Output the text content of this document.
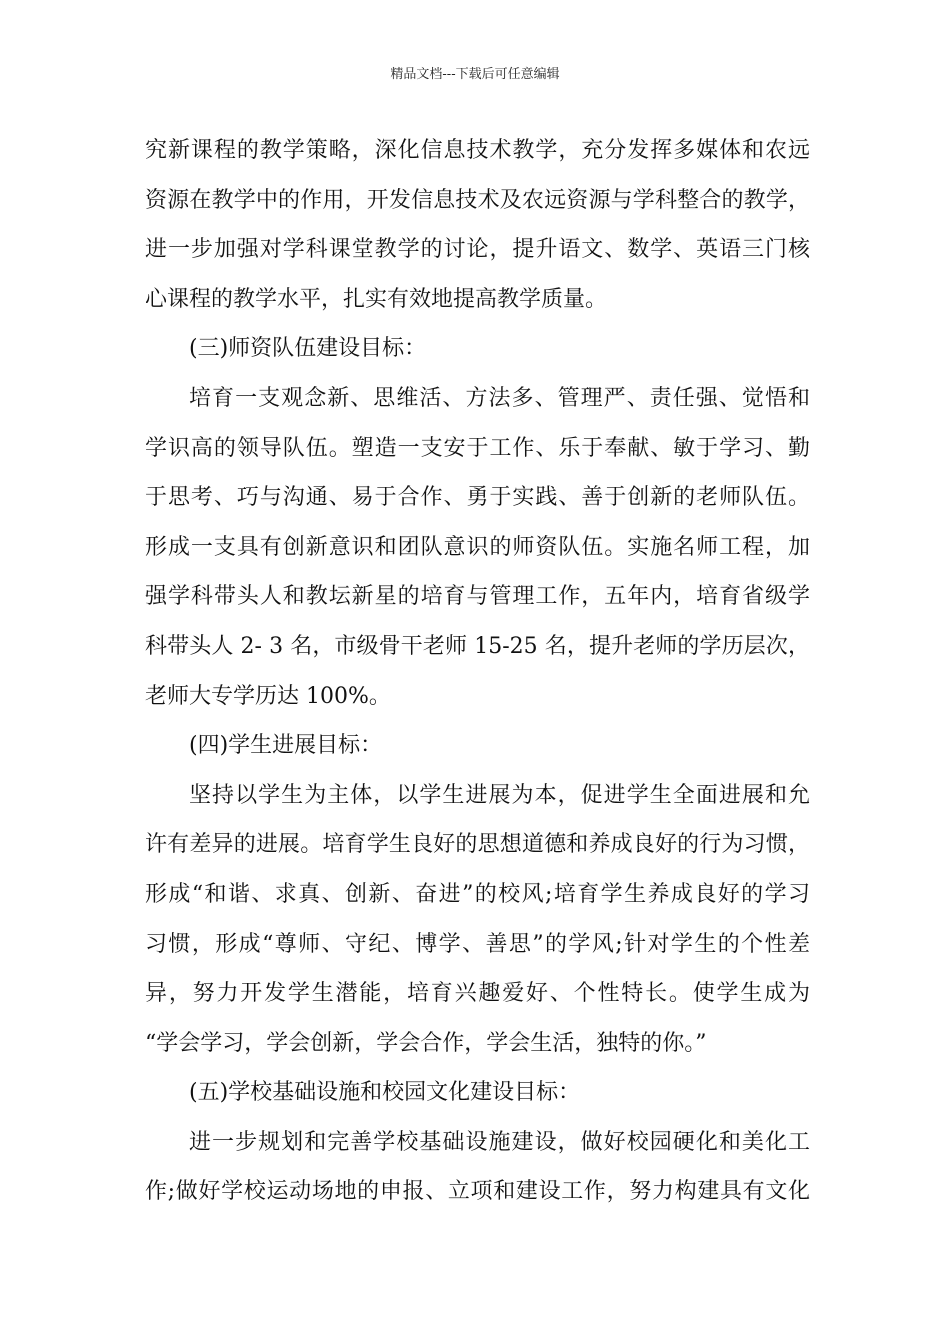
精品文档---下载后可任意编辑
究新课程的教学策略，深化信息技术教学，充分发挥多媒体和农远
资源在教学中的作用，开发信息技术及农远资源与学科整合的教学，
进一步加强对学科课堂教学的讨论，提升语文、数学、英语三门核
心课程的教学水平，扎实有效地提高教学质量。
(三)师资队伍建设目标：
培育一支观念新、思维活、方法多、管理严、责任强、觉悟和
学识高的领导队伍。塑造一支安于工作、乐于奉献、敏于学习、勤
于思考、巧与沟通、易于合作、勇于实践、善于创新的老师队伍。
形成一支具有创新意识和团队意识的师资队伍。实施名师工程，加
强学科带头人和教坛新星的培育与管理工作，五年内，培育省级学
科带头人 2- 3 名，市级骨干老师 15-25 名，提升老师的学历层次，
老师大专学历达 100%。
(四)学生进展目标：
坚持以学生为主体，以学生进展为本，促进学生全面进展和允
许有差异的进展。培育学生良好的思想道德和养成良好的行为习惯，
形成“和谐、求真、创新、奋进”的校风;培育学生养成良好的学习
习惯，形成“尊师、守纪、博学、善思”的学风;针对学生的个性差
异，努力开发学生潜能，培育兴趣爱好、个性特长。使学生成为
“学会学习，学会创新，学会合作，学会生活，独特的你。”
(五)学校基础设施和校园文化建设目标：
进一步规划和完善学校基础设施建设，做好校园硬化和美化工
作;做好学校运动场地的申报、立项和建设工作，努力构建具有文化
